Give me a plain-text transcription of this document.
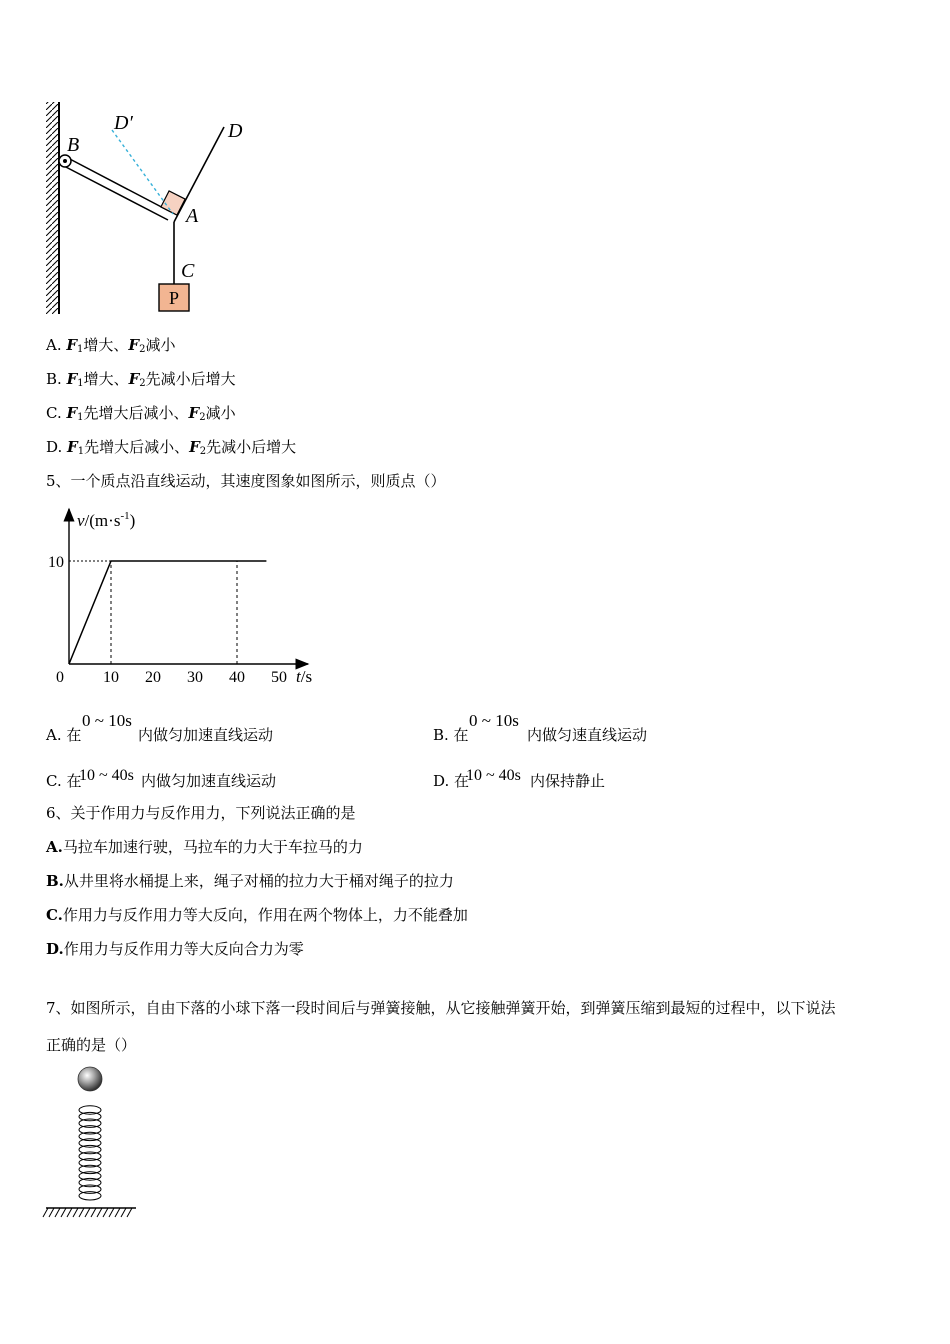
P
B
D′	D
A
C
A. $F_1$增大、$F_2$减小
B. $F_1$增大、$F_2$先减小后增大
C. $F_1$先增大后减小、$F_2$减小
D. $F_1$先增大后减小、$F_2$先减小后增大
5、一个质点沿直线运动，其速度图象如图所示，则质点（）
$v/(m\cdot s^{-1})$
t/s
0 10 20 30 40 50
10
A. 在
0 ~ 10s
内做匀加速直线运动	B. 在
0 ~ 10s
内做匀速直线运动
C. 在
10 ~ 40s 内做匀加速直线运动	D. 在
10 ~ 40s 内保持静止
6、关于作用力与反作用力，下列说法正确的是
A.马拉车加速行驶，马拉车的力大于车拉马的力
B.从井里将水桶提上来，绳子对桶的拉力大于桶对绳子的拉力
C.作用力与反作用力等大反向，作用在两个物体上，力不能叠加
D.作用力与反作用力等大反向合力为零
7、如图所示，自由下落的小球下落一段时间后与弹簧接触，从它接触弹簧开始，到弹簧压缩到最短的过程中，以下说法
正确的是（）
